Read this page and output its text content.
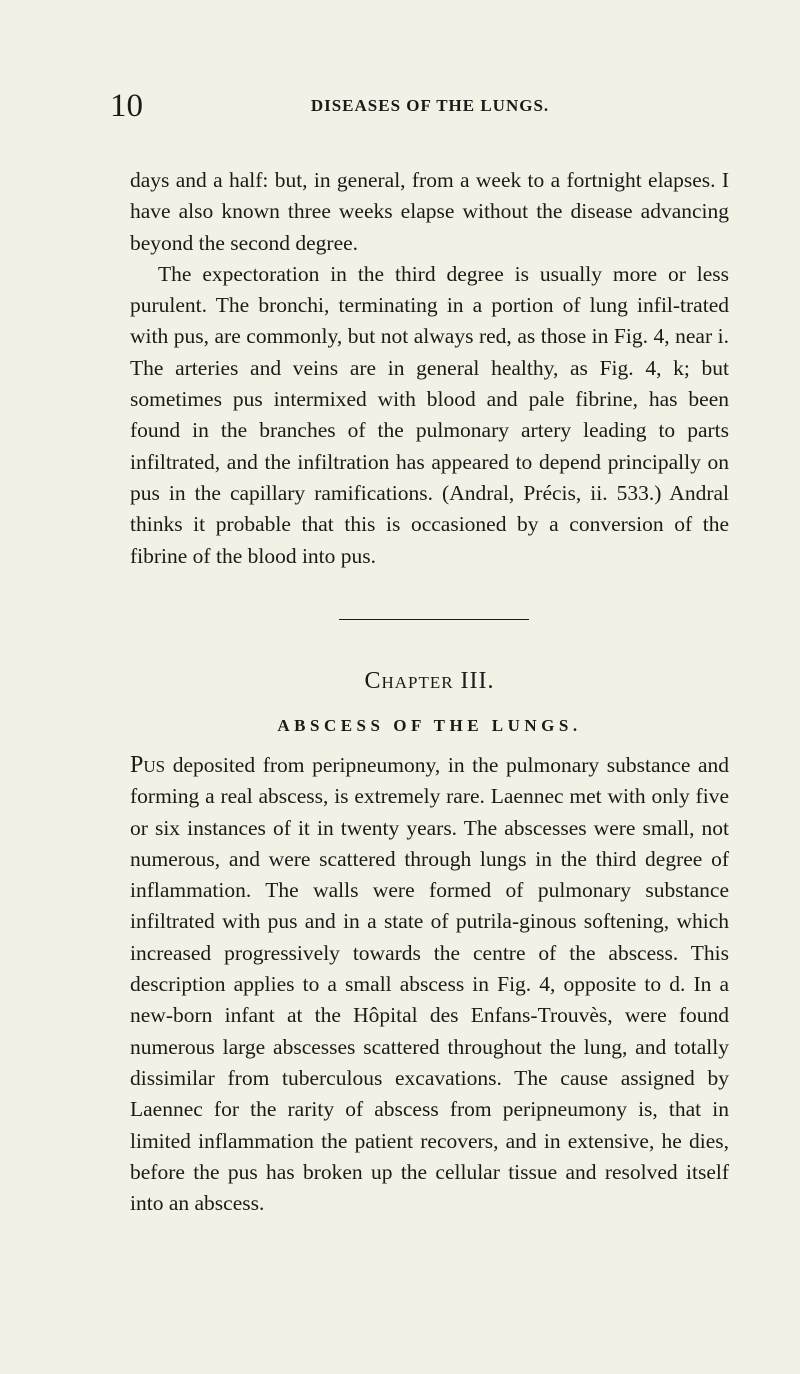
10	DISEASES OF THE LUNGS.

days and a half: but, in general, from a week to a fortnight elapses. I have also known three weeks elapse without the disease advancing beyond the second degree.

The expectoration in the third degree is usually more or less purulent. The bronchi, terminating in a portion of lung infil-trated with pus, are commonly, but not always red, as those in Fig. 4, near i. The arteries and veins are in general healthy, as Fig. 4, k; but sometimes pus intermixed with blood and pale fibrine, has been found in the branches of the pulmonary artery leading to parts infiltrated, and the infiltration has appeared to depend principally on pus in the capillary ramifications. (Andral, Précis, ii. 533.) Andral thinks it probable that this is occasioned by a conversion of the fibrine of the blood into pus.

Chapter III.
ABSCESS OF THE LUNGS.

Pus deposited from peripneumony, in the pulmonary substance and forming a real abscess, is extremely rare. Laennec met with only five or six instances of it in twenty years. The abscesses were small, not numerous, and were scattered through lungs in the third degree of inflammation. The walls were formed of pulmonary substance infiltrated with pus and in a state of putrila-ginous softening, which increased progressively towards the centre of the abscess. This description applies to a small abscess in Fig. 4, opposite to d. In a new-born infant at the Hôpital des Enfans-Trouvès, were found numerous large abscesses scattered throughout the lung, and totally dissimilar from tuberculous excavations. The cause assigned by Laennec for the rarity of abscess from peripneumony is, that in limited inflammation the patient recovers, and in extensive, he dies, before the pus has broken up the cellular tissue and resolved itself into an abscess.
